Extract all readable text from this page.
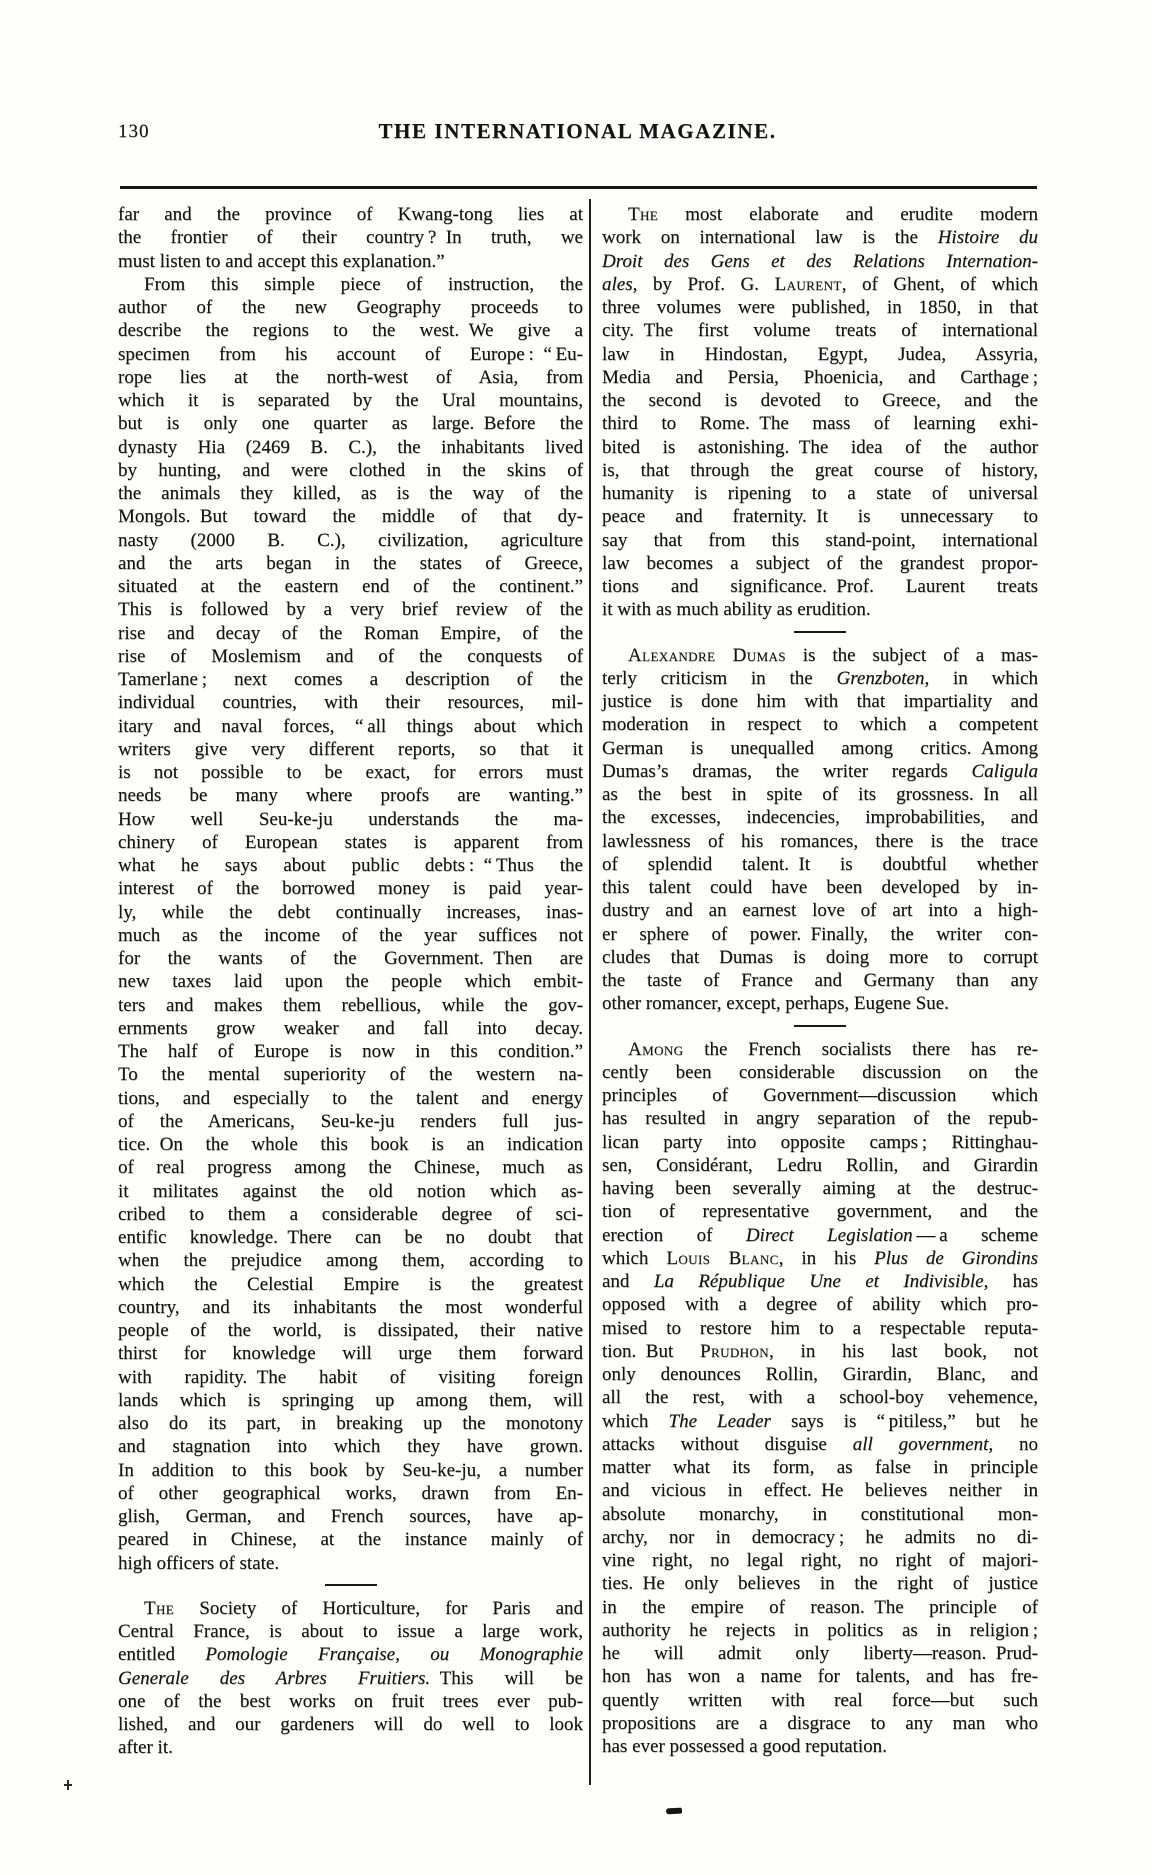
130	THE INTERNATIONAL MAGAZINE.
far and the province of Kwang-tong lies at
the frontier of their country ? In truth, we
must listen to and accept this explanation.”
From this simple piece of instruction, the
author of the new Geography proceeds to
describe the regions to the west. We give a
specimen from his account of Europe : “ Eu-
rope lies at the north-west of Asia, from
which it is separated by the Ural mountains,
but is only one quarter as large. Before the
dynasty Hia (2469 B. C.), the inhabitants lived
by hunting, and were clothed in the skins of
the animals they killed, as is the way of the
Mongols. But toward the middle of that dy-
nasty (2000 B. C.), civilization, agriculture
and the arts began in the states of Greece,
situated at the eastern end of the continent.”
This is followed by a very brief review of the
rise and decay of the Roman Empire, of the
rise of Moslemism and of the conquests of
Tamerlane ; next comes a description of the
individual countries, with their resources, mil-
itary and naval forces, “ all things about which
writers give very different reports, so that it
is not possible to be exact, for errors must
needs be many where proofs are wanting.”
How well Seu-ke-ju understands the ma-
chinery of European states is apparent from
what he says about public debts : “ Thus the
interest of the borrowed money is paid year-
ly, while the debt continually increases, inas-
much as the income of the year suffices not
for the wants of the Government. Then are
new taxes laid upon the people which embit-
ters and makes them rebellious, while the gov-
ernments grow weaker and fall into decay.
The half of Europe is now in this condition.”
To the mental superiority of the western na-
tions, and especially to the talent and energy
of the Americans, Seu-ke-ju renders full jus-
tice. On the whole this book is an indication
of real progress among the Chinese, much as
it militates against the old notion which as-
cribed to them a considerable degree of sci-
entific knowledge. There can be no doubt that
when the prejudice among them, according to
which the Celestial Empire is the greatest
country, and its inhabitants the most wonderful
people of the world, is dissipated, their native
thirst for knowledge will urge them forward
with rapidity. The habit of visiting foreign
lands which is springing up among them, will
also do its part, in breaking up the monotony
and stagnation into which they have grown.
In addition to this book by Seu-ke-ju, a number
of other geographical works, drawn from En-
glish, German, and French sources, have ap-
peared in Chinese, at the instance mainly of
high officers of state.
The Society of Horticulture, for Paris and
Central France, is about to issue a large work,
entitled Pomologie Française, ou Monographie
Generale des Arbres Fruitiers. This will be
one of the best works on fruit trees ever pub-
lished, and our gardeners will do well to look
after it.
The most elaborate and erudite modern
work on international law is the Histoire du
Droit des Gens et des Relations Internation-
ales, by Prof. G. Laurent, of Ghent, of which
three volumes were published, in 1850, in that
city. The first volume treats of international
law in Hindostan, Egypt, Judea, Assyria,
Media and Persia, Phoenicia, and Carthage ;
the second is devoted to Greece, and the
third to Rome. The mass of learning exhi-
bited is astonishing. The idea of the author
is, that through the great course of history,
humanity is ripening to a state of universal
peace and fraternity. It is unnecessary to
say that from this stand-point, international
law becomes a subject of the grandest propor-
tions and significance. Prof. Laurent treats
it with as much ability as erudition.
Alexandre Dumas is the subject of a mas-
terly criticism in the Grenzboten, in which
justice is done him with that impartiality and
moderation in respect to which a competent
German is unequalled among critics. Among
Dumas’s dramas, the writer regards Caligula
as the best in spite of its grossness. In all
the excesses, indecencies, improbabilities, and
lawlessness of his romances, there is the trace
of splendid talent. It is doubtful whether
this talent could have been developed by in-
dustry and an earnest love of art into a high-
er sphere of power. Finally, the writer con-
cludes that Dumas is doing more to corrupt
the taste of France and Germany than any
other romancer, except, perhaps, Eugene Sue.
Among the French socialists there has re-
cently been considerable discussion on the
principles of Government—discussion which
has resulted in angry separation of the repub-
lican party into opposite camps ; Rittinghau-
sen, Considérant, Ledru Rollin, and Girardin
having been severally aiming at the destruc-
tion of representative government, and the
erection of Direct Legislation — a scheme
which Louis Blanc, in his Plus de Girondins
and La République Une et Indivisible, has
opposed with a degree of ability which pro-
mised to restore him to a respectable reputa-
tion. But Prudhon, in his last book, not
only denounces Rollin, Girardin, Blanc, and
all the rest, with a school-boy vehemence,
which The Leader says is “ pitiless,” but he
attacks without disguise all government, no
matter what its form, as false in principle
and vicious in effect. He believes neither in
absolute monarchy, in constitutional mon-
archy, nor in democracy ; he admits no di-
vine right, no legal right, no right of majori-
ties. He only believes in the right of justice
in the empire of reason. The principle of
authority he rejects in politics as in religion ;
he will admit only liberty—reason. Prud-
hon has won a name for talents, and has fre-
quently written with real force—but such
propositions are a disgrace to any man who
has ever possessed a good reputation.
